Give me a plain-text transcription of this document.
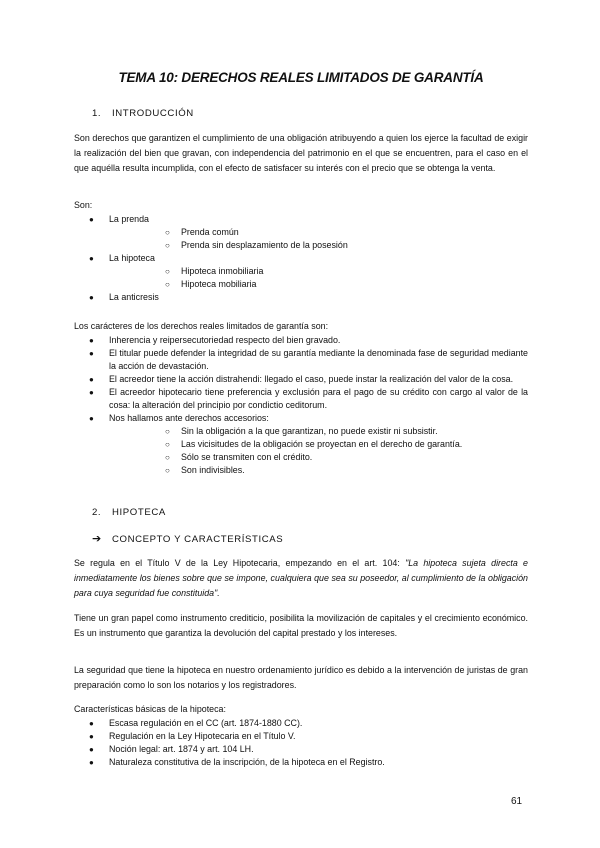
TEMA 10: DERECHOS REALES LIMITADOS DE GARANTÍA
1. INTRODUCCIÓN
Son derechos que garantizen el cumplimiento de una obligación atribuyendo a quien los ejerce la facultad de exigir la realización del bien que gravan, con independencia del patrimonio en el que se encuentren, para el caso en el que aquélla resulta incumplida, con el efecto de satisfacer su interés con el precio que se obtenga la venta.
Son:
● La prenda
○ Prenda común
○ Prenda sin desplazamiento de la posesión
● La hipoteca
○ Hipoteca inmobiliaria
○ Hipoteca mobiliaria
● La anticresis
Los carácteres de los derechos reales limitados de garantía son:
● Inherencia y reipersecutoriedad respecto del bien gravado.
● El titular puede defender la integridad de su garantía mediante la denominada fase de seguridad mediante la acción de devastación.
● El acreedor tiene la acción distrahendi: llegado el caso, puede instar la realización del valor de la cosa.
● El acreedor hipotecario tiene preferencia y exclusión para el pago de su crédito con cargo al valor de la cosa: la alteración del principio por condictio ceditorum.
● Nos hallamos ante derechos accesorios:
○ Sin la obligación a la que garantizan, no puede existir ni subsistir.
○ Las vicisitudes de la obligación se proyectan en el derecho de garantía.
○ Sólo se transmiten con el crédito.
○ Son indivisibles.
2. HIPOTECA
➔ CONCEPTO Y CARACTERÍSTICAS
Se regula en el Título V de la Ley Hipotecaria, empezando en el art. 104: "La hipoteca sujeta directa e inmediatamente los bienes sobre que se impone, cualquiera que sea su poseedor, al cumplimiento de la obligación para cuya seguridad fue constituida".
Tiene un gran papel como instrumento crediticio, posibilita la movilización de capitales y el crecimiento económico. Es un instrumento que garantiza la devolución del capital prestado y los intereses.
La seguridad que tiene la hipoteca en nuestro ordenamiento jurídico es debido a la intervención de juristas de gran preparación como lo son los notarios y los registradores.
Características básicas de la hipoteca:
● Escasa regulación en el CC (art. 1874-1880 CC).
● Regulación en la Ley Hipotecaria en el Título V.
● Noción legal: art. 1874 y art. 104 LH.
● Naturaleza constitutiva de la inscripción, de la hipoteca en el Registro.
61
